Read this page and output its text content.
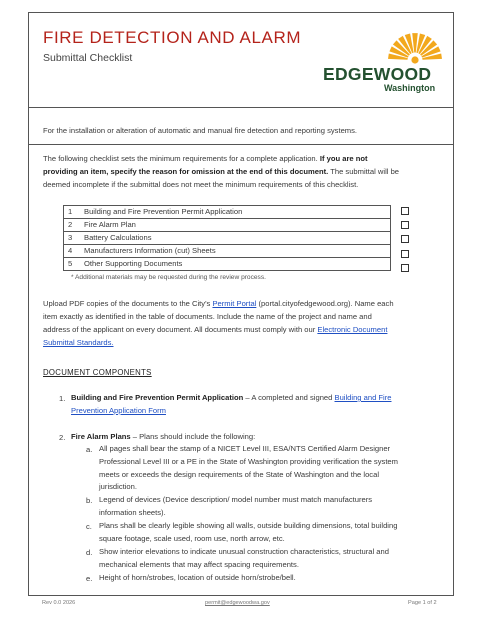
FIRE DETECTION AND ALARM

Submittal Checklist

EDGEWOOD
Washington
For the installation or alteration of automatic and manual fire detection and reporting systems.

The following checklist sets the minimum requirements for a complete application. If you are not
providing an item, specify the reason for omission at the end of this document. The submittal will be
deemed incomplete if the submittal does not meet the minimum requirements of this checklist.

1	Building and Fire Prevention Permit Application
2	Fire Alarm Plan
3	Battery Calculations
4	Manufacturers Information (cut) Sheets
5	Other Supporting Documents
* Additional materials may be requested during the review process.

Upload PDF copies of the documents to the City's Permit Portal (portal.cityofedgewood.org). Name each
item exactly as identified in the table of documents. Include the name of the project and name and
address of the applicant on every document. All documents must comply with our Electronic Document
Submittal Standards.

DOCUMENT COMPONENTS
1. Building and Fire Prevention Permit Application – A completed and signed Building and Fire
Prevention Application Form
2. Fire Alarm Plans – Plans should include the following:
a. All pages shall bear the stamp of a NICET Level III, ESA/NTS Certified Alarm Designer
Professional Level III or a PE in the State of Washington providing verification the system
meets or exceeds the design requirements of the State of Washington and the local
jurisdiction.
b. Legend of devices (Device description/ model number must match manufacturers
information sheets).
c. Plans shall be clearly legible showing all walls, outside building dimensions, total building
square footage, scale used, room use, north arrow, etc.
d. Show interior elevations to indicate unusual construction characteristics, structural and
mechanical elements that may affect spacing requirements.
e. Height of horn/strobes, location of outside horn/strobe/bell.
Rev 0.0 2026	permit@edgewoodwa.gov	Page 1 of 2
